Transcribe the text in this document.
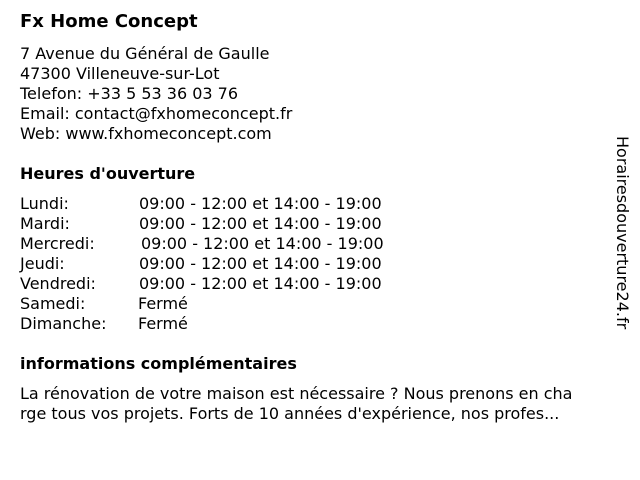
Fx Home Concept
7 Avenue du Général de Gaulle
47300 Villeneuve-sur-Lot
Telefon: +33 5 53 36 03 76
Email: contact@fxhomeconcept.fr
Web: www.fxhomeconcept.com
Heures d'ouverture
Lundi:	09:00 - 12:00 et 14:00 - 19:00
Mardi:	09:00 - 12:00 et 14:00 - 19:00
Mercredi:	09:00 - 12:00 et 14:00 - 19:00
Jeudi:	09:00 - 12:00 et 14:00 - 19:00
Vendredi:	09:00 - 12:00 et 14:00 - 19:00
Samedi:	Fermé
Dimanche: Fermé
informations complémentaires
La rénovation de votre maison est nécessaire ? Nous prenons en cha
rge tous vos projets. Forts de 10 années d'expérience, nos profes...
Horairesdouverture24.fr
